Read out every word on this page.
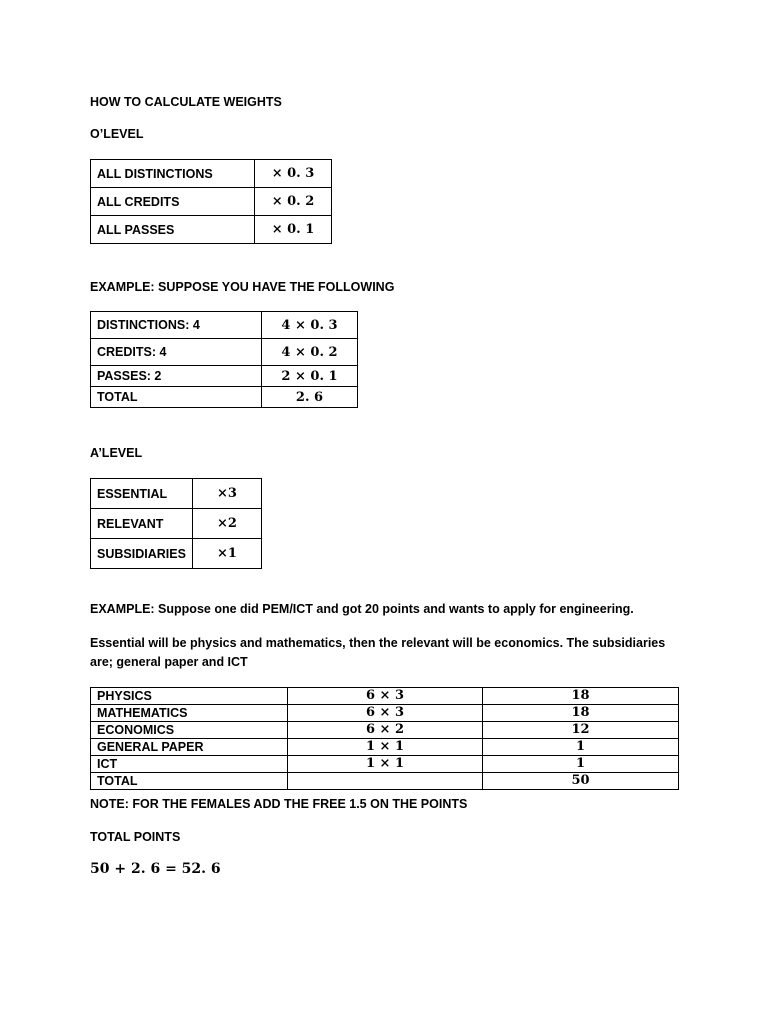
HOW TO CALCULATE WEIGHTS
O’LEVEL
ALL DISTINCTIONS	× 0. 3
ALL CREDITS	× 0. 2
ALL PASSES	× 0. 1
EXAMPLE: SUPPOSE YOU HAVE THE FOLLOWING
DISTINCTIONS: 4	4 × 0. 3
CREDITS: 4	4 × 0. 2
PASSES: 2	2 × 0. 1
TOTAL	2. 6
A’LEVEL
ESSENTIAL	×3
RELEVANT	×2
SUBSIDIARIES	×1
EXAMPLE: Suppose one did PEM/ICT and got 20 points and wants to apply for engineering.
Essential will be physics and mathematics, then the relevant will be economics. The subsidiaries are; general paper and ICT
PHYSICS	6 × 3	18
MATHEMATICS	6 × 3	18
ECONOMICS	6 × 2	12
GENERAL PAPER	1 × 1	1
ICT	1 × 1	1
TOTAL		50
NOTE: FOR THE FEMALES ADD THE FREE 1.5 ON THE POINTS
TOTAL POINTS
50 + 2. 6 = 52. 6
